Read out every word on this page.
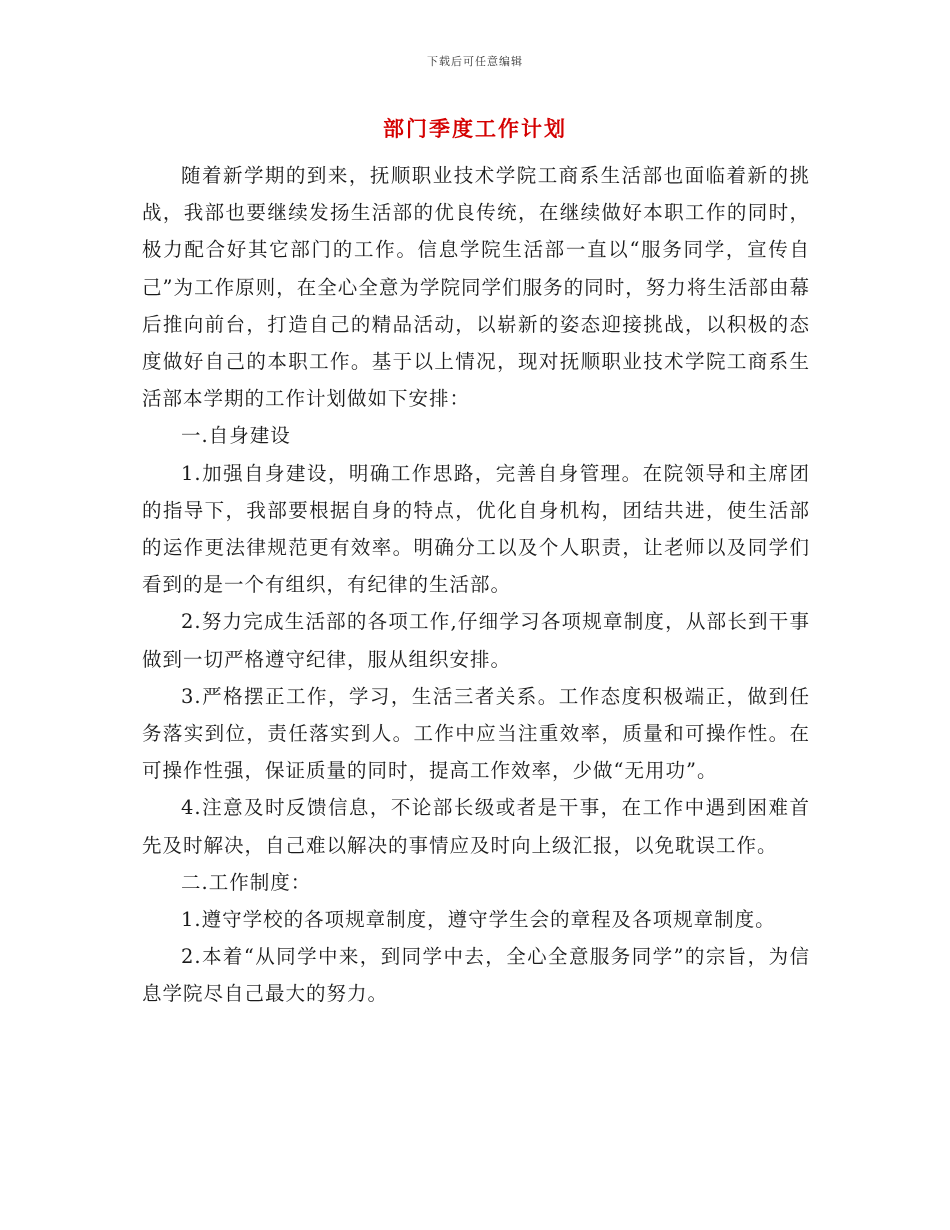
下载后可任意编辑
部门季度工作计划

随着新学期的到来，抚顺职业技术学院工商系生活部也面临着新的挑战，我部也要继续发扬生活部的优良传统，在继续做好本职工作的同时，极力配合好其它部门的工作。信息学院生活部一直以“服务同学，宣传自己”为工作原则，在全心全意为学院同学们服务的同时，努力将生活部由幕后推向前台，打造自己的精品活动，以崭新的姿态迎接挑战，以积极的态度做好自己的本职工作。基于以上情况，现对抚顺职业技术学院工商系生活部本学期的工作计划做如下安排：

一.自身建设

1.加强自身建设，明确工作思路，完善自身管理。在院领导和主席团的指导下，我部要根据自身的特点，优化自身机构，团结共进，使生活部的运作更法律规范更有效率。明确分工以及个人职责，让老师以及同学们看到的是一个有组织，有纪律的生活部。

2.努力完成生活部的各项工作,仔细学习各项规章制度，从部长到干事做到一切严格遵守纪律，服从组织安排。

3.严格摆正工作，学习，生活三者关系。工作态度积极端正，做到任务落实到位，责任落实到人。工作中应当注重效率，质量和可操作性。在可操作性强，保证质量的同时，提高工作效率，少做“无用功”。

4.注意及时反馈信息，不论部长级或者是干事，在工作中遇到困难首先及时解决，自己难以解决的事情应及时向上级汇报，以免耽误工作。

二.工作制度：

1.遵守学校的各项规章制度，遵守学生会的章程及各项规章制度。

2.本着“从同学中来，到同学中去，全心全意服务同学”的宗旨，为信息学院尽自己最大的努力。
